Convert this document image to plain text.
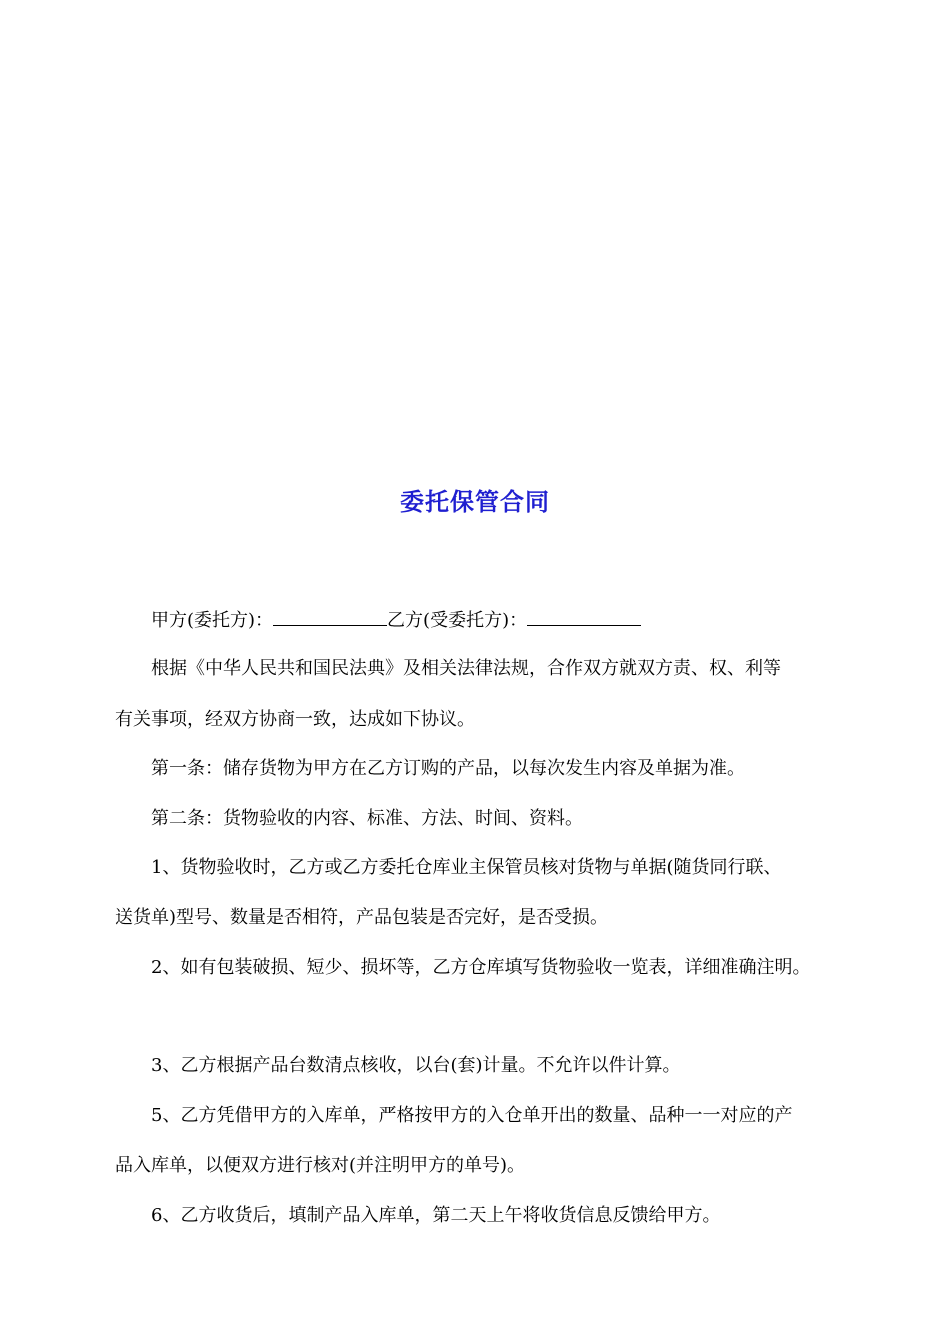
委托保管合同
甲方(委托方)：	乙方(受委托方)：
根据《中华人民共和国民法典》及相关法律法规，合作双方就双方责、权、利等
有关事项，经双方协商一致，达成如下协议。
第一条：储存货物为甲方在乙方订购的产品，以每次发生内容及单据为准。
第二条：货物验收的内容、标准、方法、时间、资料。
1、货物验收时，乙方或乙方委托仓库业主保管员核对货物与单据(随货同行联、
送货单)型号、数量是否相符，产品包装是否完好，是否受损。
2、如有包装破损、短少、损坏等，乙方仓库填写货物验收一览表，详细准确注明。
3、乙方根据产品台数清点核收，以台(套)计量。不允许以件计算。
5、乙方凭借甲方的入库单，严格按甲方的入仓单开出的数量、品种一一对应的产
品入库单，以便双方进行核对(并注明甲方的单号)。
6、乙方收货后，填制产品入库单，第二天上午将收货信息反馈给甲方。
